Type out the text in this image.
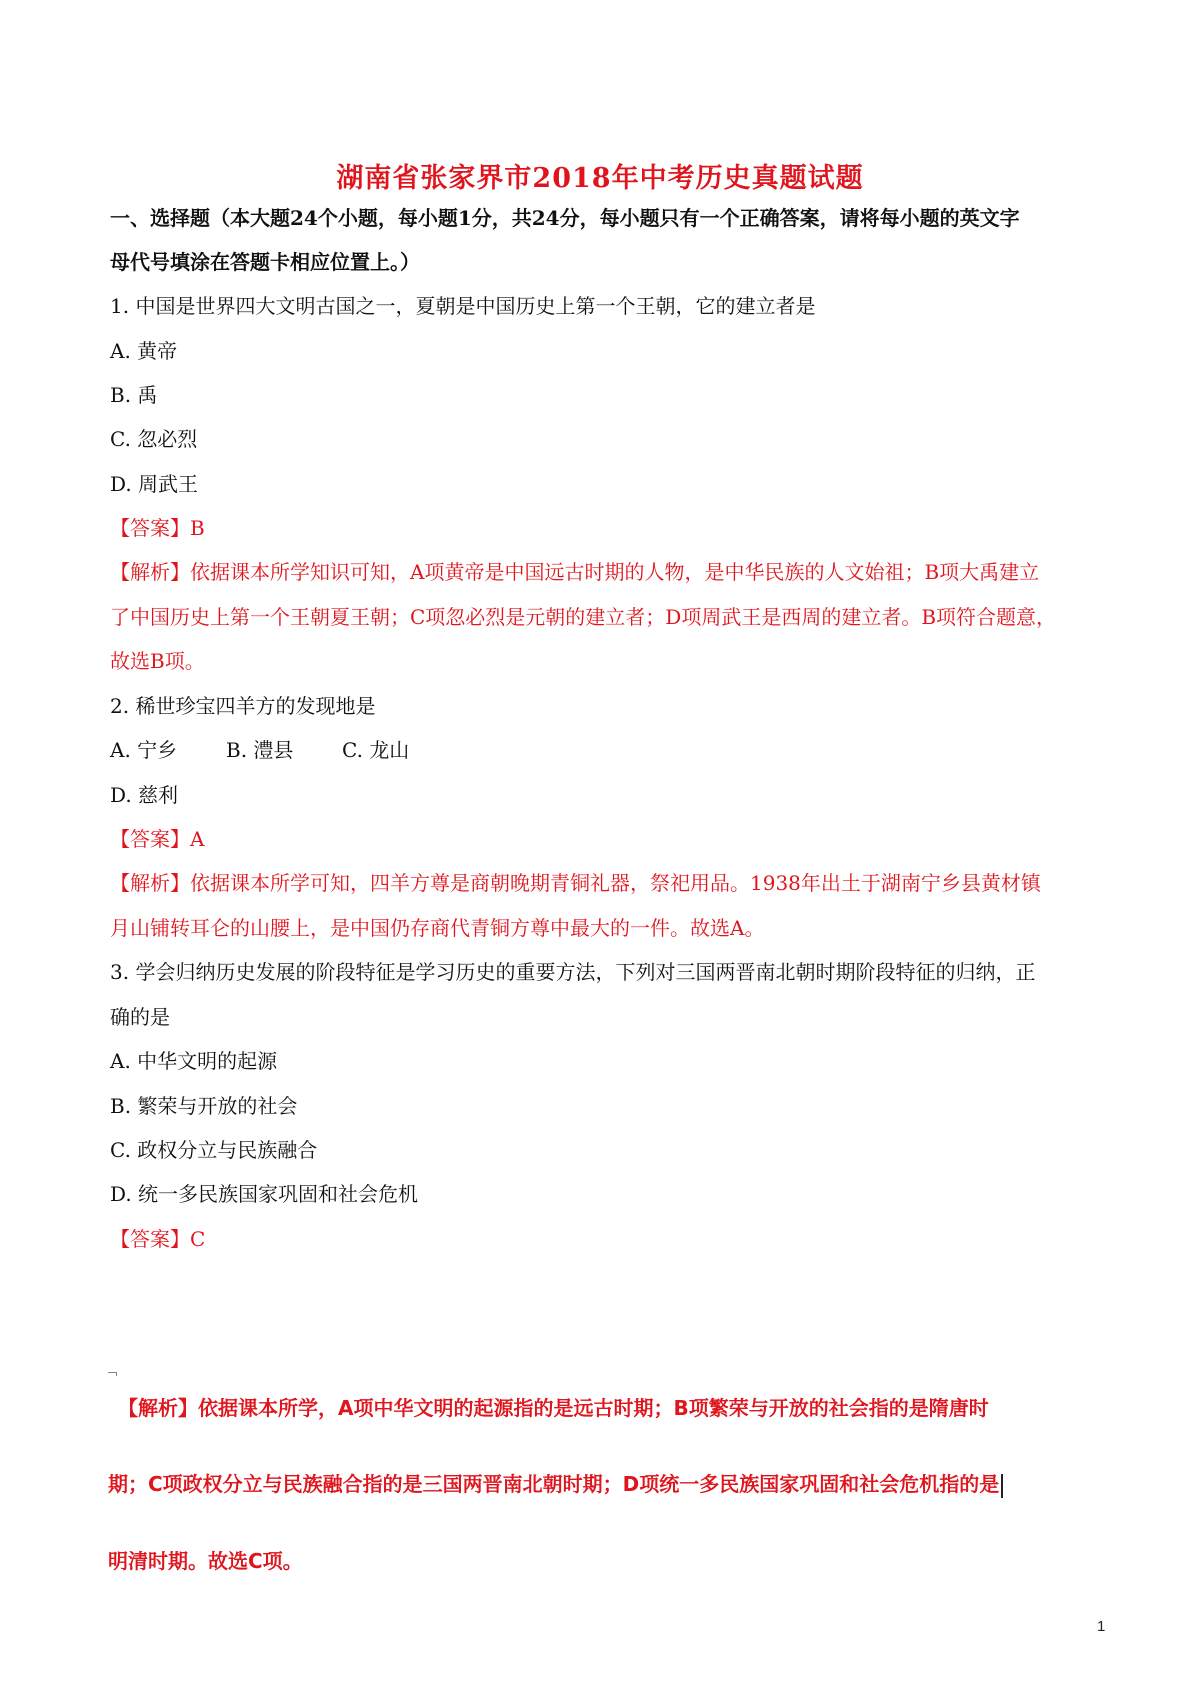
湖南省张家界市2018年中考历史真题试题
一、选择题（本大题24个小题，每小题1分，共24分，每小题只有一个正确答案，请将每小题的英文字
母代号填涂在答题卡相应位置上。）
1. 中国是世界四大文明古国之一，夏朝是中国历史上第一个王朝，它的建立者是
A. 黄帝
B. 禹
C. 忽必烈
D. 周武王
【答案】B
【解析】依据课本所学知识可知，A项黄帝是中国远古时期的人物，是中华民族的人文始祖；B项大禹建立
了中国历史上第一个王朝夏王朝；C项忽必烈是元朝的建立者；D项周武王是西周的建立者。B项符合题意，
故选B项。
2. 稀世珍宝四羊方的发现地是
A. 宁乡 B. 澧县 C. 龙山
D. 慈利
【答案】A
【解析】依据课本所学可知，四羊方尊是商朝晚期青铜礼器，祭祀用品。1938年出土于湖南宁乡县黄材镇
月山铺转耳仑的山腰上，是中国仍存商代青铜方尊中最大的一件。故选A。
3. 学会归纳历史发展的阶段特征是学习历史的重要方法，下列对三国两晋南北朝时期阶段特征的归纳，正
确的是
A. 中华文明的起源
B. 繁荣与开放的社会
C. 政权分立与民族融合
D. 统一多民族国家巩固和社会危机
【答案】C
【解析】依据课本所学，A项中华文明的起源指的是远古时期；B项繁荣与开放的社会指的是隋唐时
期；C项政权分立与民族融合指的是三国两晋南北朝时期；D项统一多民族国家巩固和社会危机指的是
明清时期。故选C项。
1
